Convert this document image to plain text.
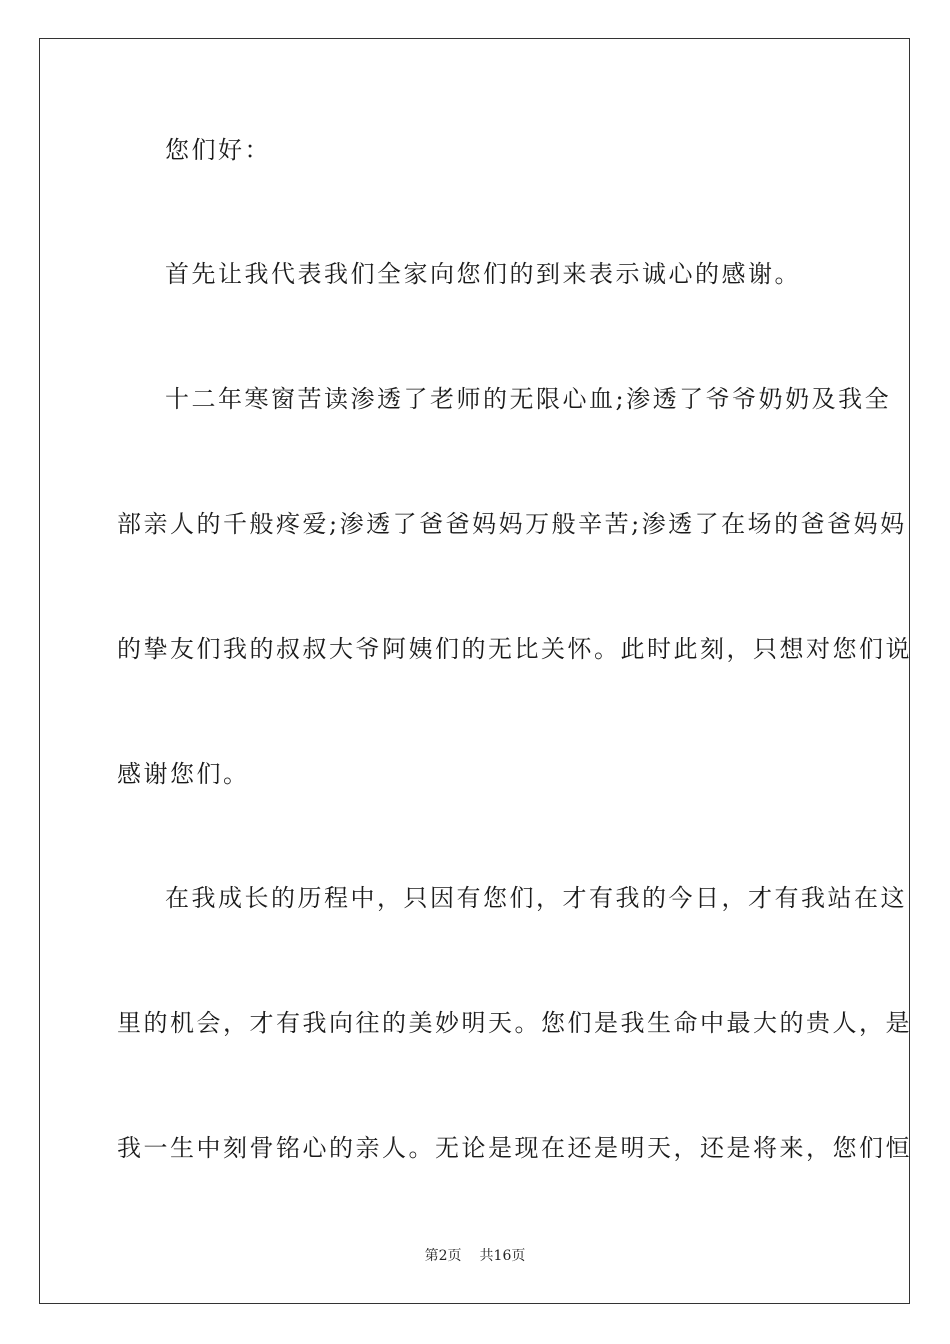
您们好：
首先让我代表我们全家向您们的到来表示诚心的感谢。
十二年寒窗苦读渗透了老师的无限心血;渗透了爷爷奶奶及我全
部亲人的千般疼爱;渗透了爸爸妈妈万般辛苦;渗透了在场的爸爸妈妈
的挚友们我的叔叔大爷阿姨们的无比关怀。此时此刻，只想对您们说
感谢您们。
在我成长的历程中，只因有您们，才有我的今日，才有我站在这
里的机会，才有我向往的美妙明天。您们是我生命中最大的贵人，是
我一生中刻骨铭心的亲人。无论是现在还是明天，还是将来，您们恒
第2页 共16页
